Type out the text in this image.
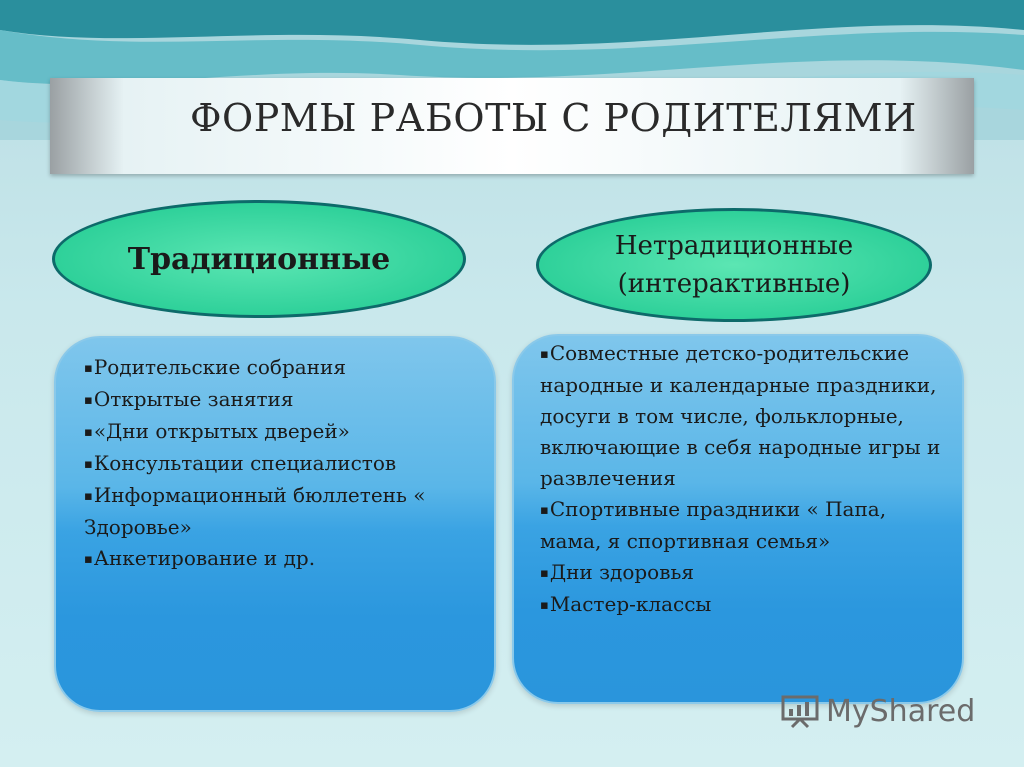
ФОРМЫ РАБОТЫ С РОДИТЕЛЯМИ
Традиционные	Нетрадиционные
(интерактивные)
▪Родительские собрания
▪Открытые занятия
▪«Дни открытых дверей»
▪Консультации специалистов
▪Информационный бюллетень « Здоровье»
▪Анкетирование и др.
▪Совместные детско-родительские народные и календарные праздники, досуги в том числе, фольклорные, включающие в себя народные игры и развлечения
▪Спортивные праздники « Папа, мама, я спортивная семья»
▪Дни здоровья
▪Мастер-классы
MyShared
